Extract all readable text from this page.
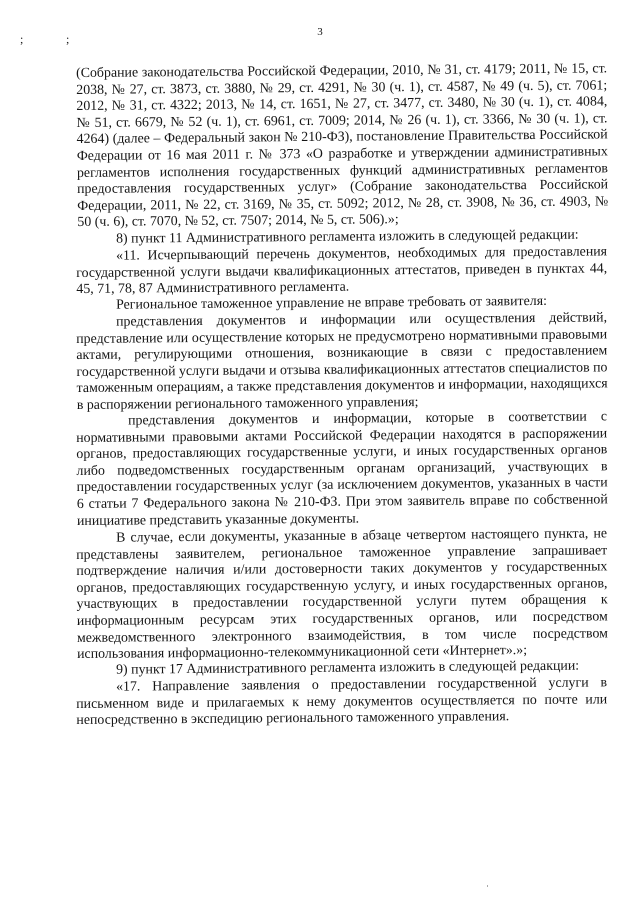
;	;	3

(Собрание законодательства Российской Федерации, 2010, № 31, ст. 4179; 2011, № 15, ст. 2038, № 27, ст. 3873, ст. 3880, № 29, ст. 4291, № 30 (ч. 1), ст. 4587, № 49 (ч. 5), ст. 7061; 2012, № 31, ст. 4322; 2013, № 14, ст. 1651, № 27, ст. 3477, ст. 3480, № 30 (ч. 1), ст. 4084, № 51, ст. 6679, № 52 (ч. 1), ст. 6961, ст. 7009; 2014, № 26 (ч. 1), ст. 3366, № 30 (ч. 1), ст. 4264) (далее – Федеральный закон № 210-ФЗ), постановление Правительства Российской Федерации от 16 мая 2011 г. № 373 «О разработке и утверждении административных регламентов исполнения государственных функций административных регламентов предоставления государственных услуг» (Собрание законодательства Российской Федерации, 2011, № 22, ст. 3169, № 35, ст. 5092; 2012, № 28, ст. 3908, № 36, ст. 4903, № 50 (ч. 6), ст. 7070, № 52, ст. 7507; 2014, № 5, ст. 506).»;

8) пункт 11 Административного регламента изложить в следующей редакции:

«11. Исчерпывающий перечень документов, необходимых для предоставления государственной услуги выдачи квалификационных аттестатов, приведен в пунктах 44, 45, 71, 78, 87 Административного регламента.

Региональное таможенное управление не вправе требовать от заявителя:

представления документов и информации или осуществления действий, представление или осуществление которых не предусмотрено нормативными правовыми актами, регулирующими отношения, возникающие в связи с предоставлением государственной услуги выдачи и отзыва квалификационных аттестатов специалистов по таможенным операциям, а также представления документов и информации, находящихся в распоряжении регионального таможенного управления;

представления документов и информации, которые в соответствии с нормативными правовыми актами Российской Федерации находятся в распоряжении органов, предоставляющих государственные услуги, и иных государственных органов либо подведомственных государственным органам организаций, участвующих в предоставлении государственных услуг (за исключением документов, указанных в части 6 статьи 7 Федерального закона № 210-ФЗ. При этом заявитель вправе по собственной инициативе представить указанные документы.

В случае, если документы, указанные в абзаце четвертом настоящего пункта, не представлены заявителем, региональное таможенное управление запрашивает подтверждение наличия и/или достоверности таких документов у государственных органов, предоставляющих государственную услугу, и иных государственных органов, участвующих в предоставлении государственной услуги путем обращения к информационным ресурсам этих государственных органов, или посредством межведомственного электронного взаимодействия, в том числе посредством использования информационно-телекоммуникационной сети «Интернет».»;

9) пункт 17 Административного регламента изложить в следующей редакции:

«17. Направление заявления о предоставлении государственной услуги в письменном виде и прилагаемых к нему документов осуществляется по почте или непосредственно в экспедицию регионального таможенного управления.

ʿ
